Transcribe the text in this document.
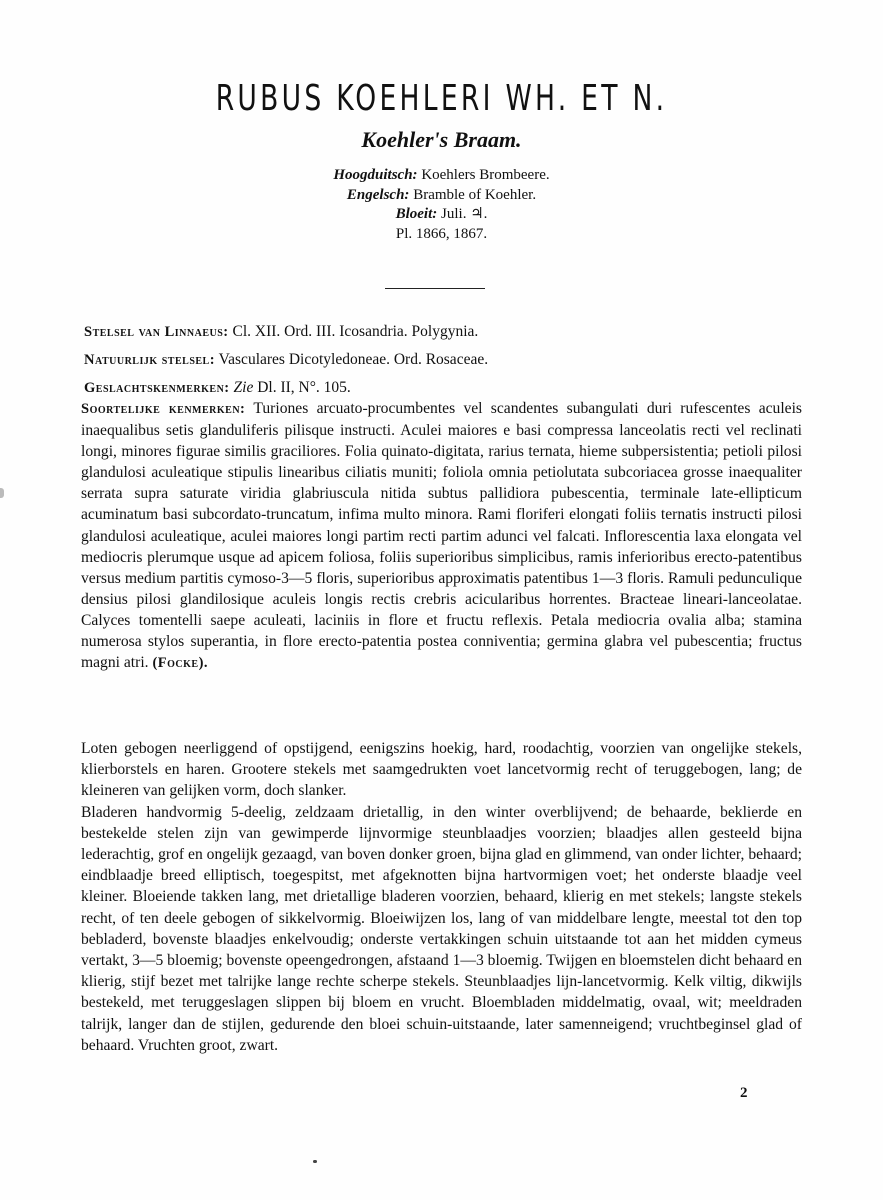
RUBUS KOEHLERI WH. ET N.
Koehler's Braam.
Hoogduitsch: Koehlers Brombeere.
Engelsch: Bramble of Koehler.
Bloeit: Juli. ♃.
Pl. 1866, 1867.
Stelsel van Linnaeus: Cl. XII. Ord. III. Icosandria. Polygynia.
Natuurlijk stelsel: Vasculares Dicotyledoneae. Ord. Rosaceae.
Geslachtskenmerken: Zie Dl. II, N°. 105.
Soortelijke kenmerken: Turiones arcuato-procumbentes vel scandentes subangulati duri rufescentes aculeis inaequalibus setis glanduliferis pilisque instructi. Aculei maiores e basi compressa lanceolatis recti vel reclinati longi, minores figurae similis graciliores. Folia quinato-digitata, rarius ternata, hieme subpersistentia; petioli pilosi glandulosi aculeatique stipulis linearibus ciliatis muniti; foliola omnia petiolutata subcoriacea grosse inaequaliter serrata supra saturate viridia glabriuscula nitida subtus pallidiora pubescentia, terminale late-ellipticum acuminatum basi subcordato-truncatum, infima multo minora. Rami floriferi elongati foliis ternatis instructi pilosi glandulosi aculeatique, aculei maiores longi partim recti partim adunci vel falcati. Inflorescentia laxa elongata vel mediocris plerumque usque ad apicem foliosa, foliis superioribus simplicibus, ramis inferioribus erecto-patentibus versus medium partitis cymoso-3—5 floris, superioribus approximatis patentibus 1—3 floris. Ramuli pedunculique densius pilosi glandilosique aculeis longis rectis crebris acicularibus horrentes. Bracteae lineari-lanceolatae. Calyces tomentelli saepe aculeati, laciniis in flore et fructu reflexis. Petala mediocria ovalia alba; stamina numerosa stylos superantia, in flore erecto-patentia postea conniventia; germina glabra vel pubescentia; fructus magni atri. (Focke).

Loten gebogen neerliggend of opstijgend, eenigszins hoekig, hard, roodachtig, voorzien van ongelijke stekels, klierborstels en haren. Grootere stekels met saamgedrukten voet lancetvormig recht of teruggebogen, lang; de kleineren van gelijken vorm, doch slanker.

Bladeren handvormig 5-deelig, zeldzaam drietallig, in den winter overblijvend; de behaarde, beklierde en bestekelde stelen zijn van gewimperde lijnvormige steunblaadjes voorzien; blaadjes allen gesteeld bijna lederachtig, grof en ongelijk gezaagd, van boven donker groen, bijna glad en glimmend, van onder lichter, behaard; eindblaadje breed elliptisch, toegespitst, met afgeknotten bijna hartvormigen voet; het onderste blaadje veel kleiner. Bloeiende takken lang, met drietallige bladeren voorzien, behaard, klierig en met stekels; langste stekels recht, of ten deele gebogen of sikkelvormig. Bloeiwijzen los, lang of van middelbare lengte, meestal tot den top bebladerd, bovenste blaadjes enkelvoudig; onderste vertakkingen schuin uitstaande tot aan het midden cymeus vertakt, 3—5 bloemig; bovenste opeengedrongen, afstaand 1—3 bloemig. Twijgen en bloemstelen dicht behaard en klierig, stijf bezet met talrijke lange rechte scherpe stekels. Steunblaadjes lijn-lancetvormig. Kelk viltig, dikwijls bestekeld, met teruggeslagen slippen bij bloem en vrucht. Bloembladen middelmatig, ovaal, wit; meeldraden talrijk, langer dan de stijlen, gedurende den bloei schuin-uitstaande, later samenneigend; vruchtbeginsel glad of behaard. Vruchten groot, zwart.

2
